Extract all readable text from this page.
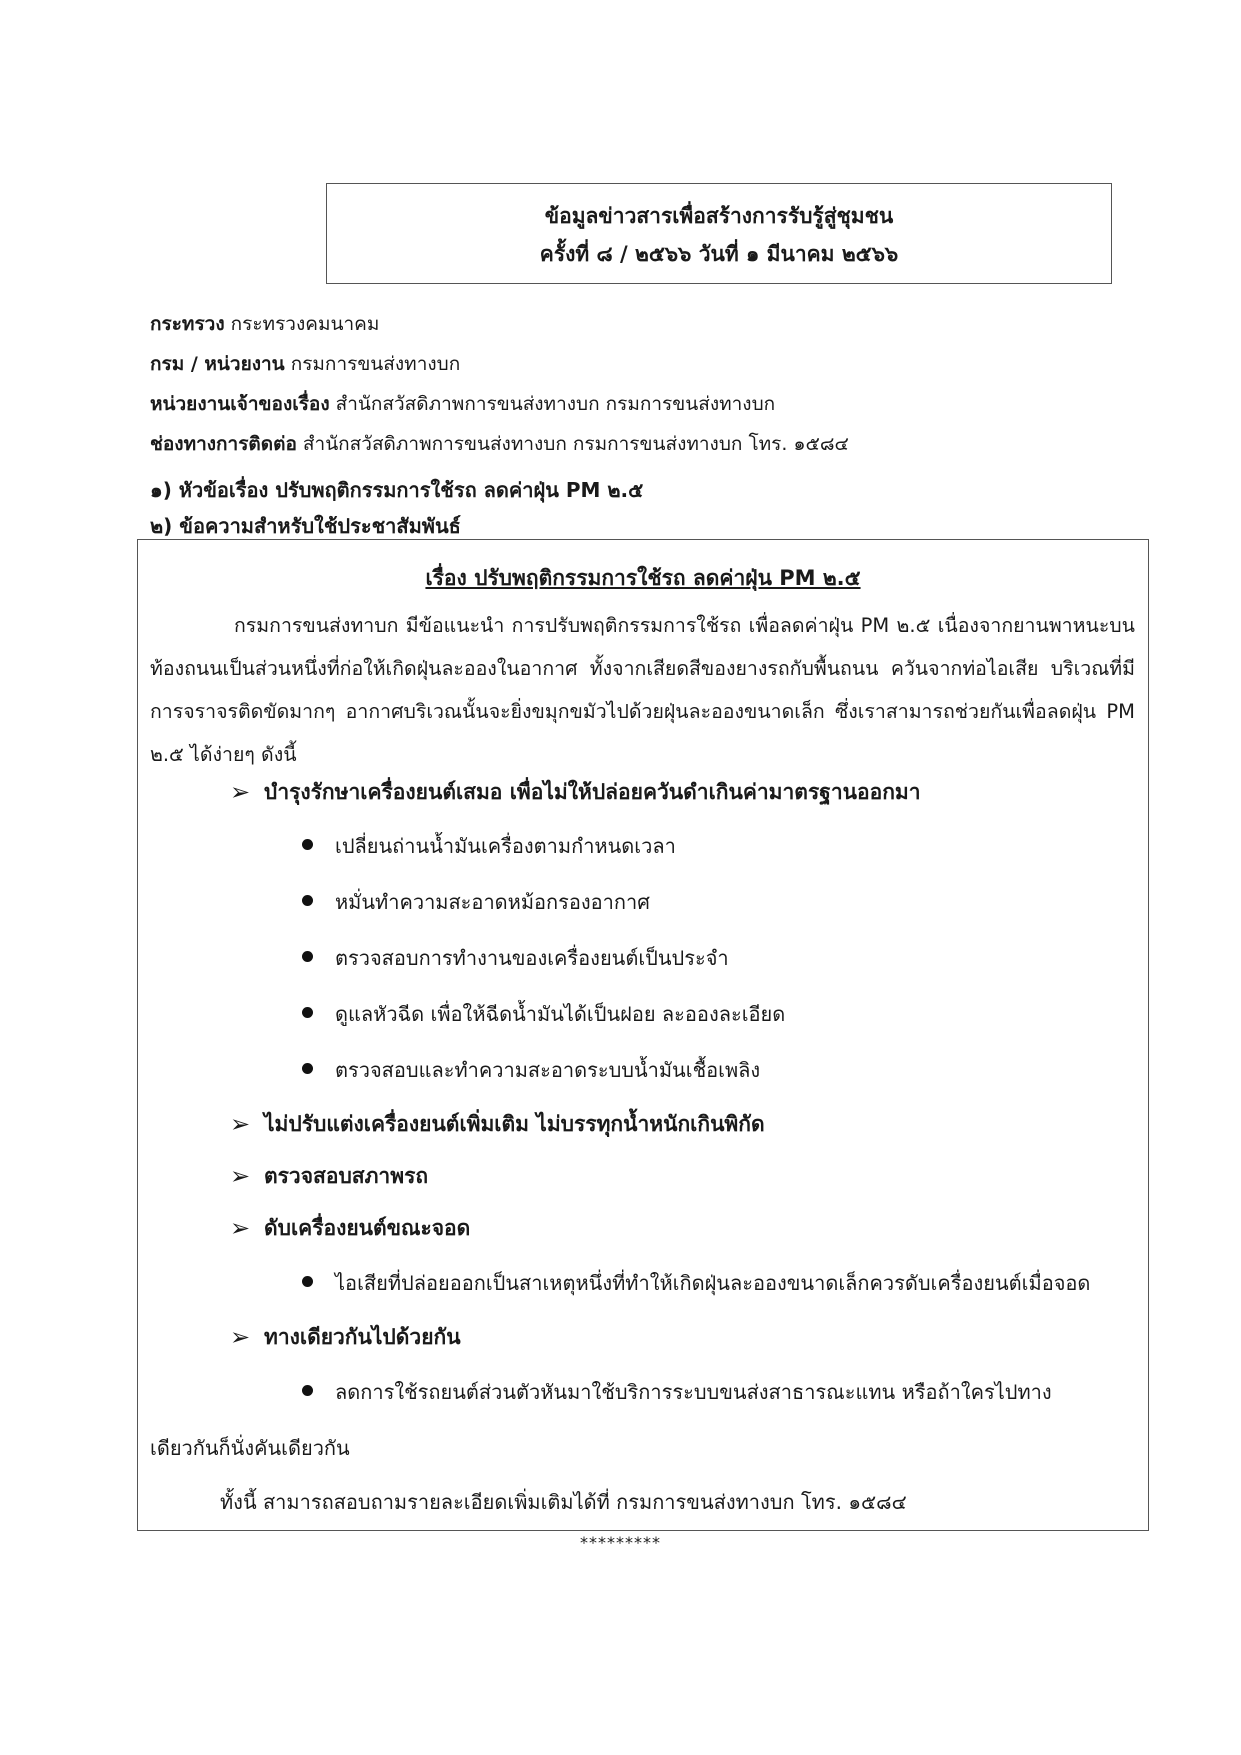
ข้อมูลข่าวสารเพื่อสร้างการรับรู้สู่ชุมชน
ครั้งที่ ๘ / ๒๕๖๖ วันที่ ๑ มีนาคม ๒๕๖๖
กระทรวง กระทรวงคมนาคม
กรม / หน่วยงาน กรมการขนส่งทางบก
หน่วยงานเจ้าของเรื่อง สำนักสวัสดิภาพการขนส่งทางบก กรมการขนส่งทางบก
ช่องทางการติดต่อ สำนักสวัสดิภาพการขนส่งทางบก กรมการขนส่งทางบก โทร. ๑๕๘๔
๑) หัวข้อเรื่อง ปรับพฤติกรรมการใช้รถ ลดค่าฝุ่น PM ๒.๕
๒) ข้อความสำหรับใช้ประชาสัมพันธ์
เรื่อง ปรับพฤติกรรมการใช้รถ ลดค่าฝุ่น PM ๒.๕
กรมการขนส่งทาบก มีข้อแนะนำ การปรับพฤติกรรมการใช้รถ เพื่อลดค่าฝุ่น PM ๒.๕ เนื่องจากยานพาหนะบนท้องถนนเป็นส่วนหนึ่งที่ก่อให้เกิดฝุ่นละอองในอากาศ ทั้งจากเสียดสีของยางรถกับพื้นถนน ควันจากท่อไอเสีย บริเวณที่มีการจราจรติดขัดมากๆ อากาศบริเวณนั้นจะยิ่งขมุกขมัวไปด้วยฝุ่นละอองขนาดเล็ก ซึ่งเราสามารถช่วยกันเพื่อลดฝุ่น PM ๒.๕ ได้ง่ายๆ ดังนี้
➢ บำรุงรักษาเครื่องยนต์เสมอ เพื่อไม่ให้ปล่อยควันดำเกินค่ามาตรฐานออกมา
เปลี่ยนถ่านน้ำมันเครื่องตามกำหนดเวลา
หมั่นทำความสะอาดหม้อกรองอากาศ
ตรวจสอบการทำงานของเครื่องยนต์เป็นประจำ
ดูแลหัวฉีด เพื่อให้ฉีดน้ำมันได้เป็นฝอย ละอองละเอียด
ตรวจสอบและทำความสะอาดระบบน้ำมันเชื้อเพลิง
➢ ไม่ปรับแต่งเครื่องยนต์เพิ่มเติม ไม่บรรทุกน้ำหนักเกินพิกัด
➢ ตรวจสอบสภาพรถ
➢ ดับเครื่องยนต์ขณะจอด
ไอเสียที่ปล่อยออกเป็นสาเหตุหนึ่งที่ทำให้เกิดฝุ่นละอองขนาดเล็กควรดับเครื่องยนต์เมื่อจอด
➢ ทางเดียวกันไปด้วยกัน
ลดการใช้รถยนต์ส่วนตัวหันมาใช้บริการระบบขนส่งสาธารณะแทน หรือถ้าใครไปทาง
เดียวกันก็นั่งคันเดียวกัน
ทั้งนี้ สามารถสอบถามรายละเอียดเพิ่มเติมได้ที่ กรมการขนส่งทางบก โทร. ๑๕๘๔
*********
